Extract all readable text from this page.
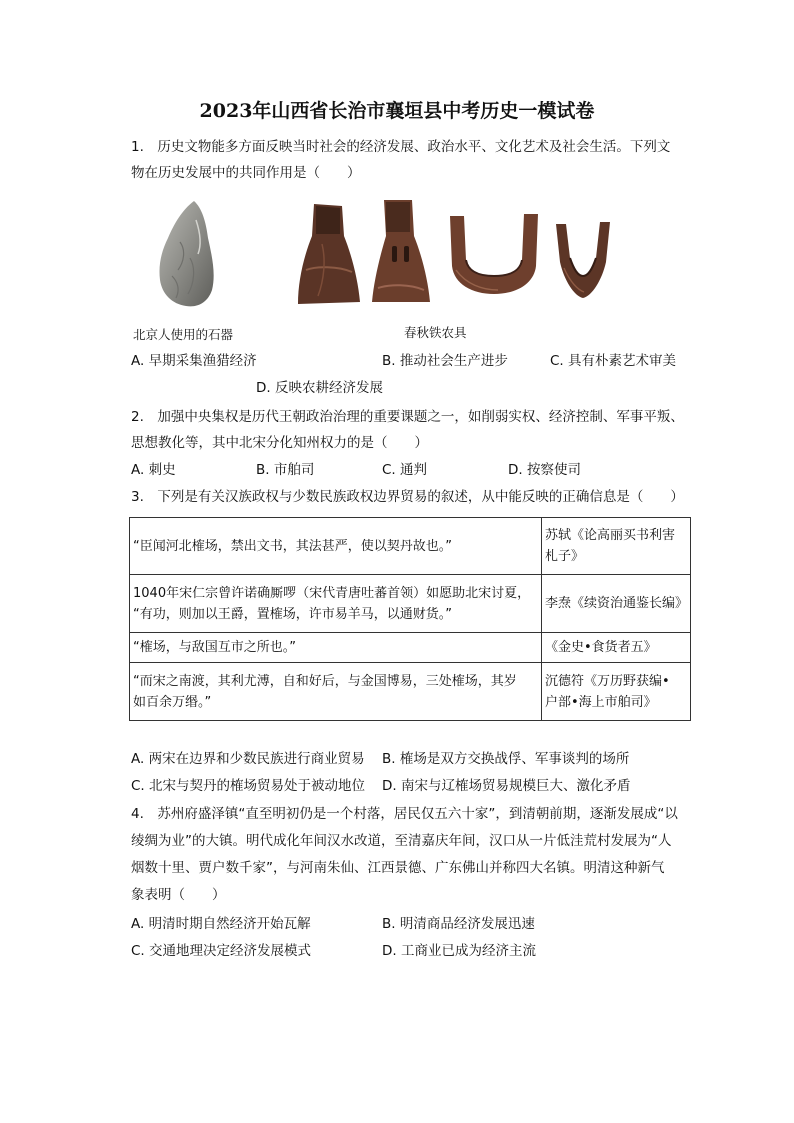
2023年山西省长治市襄垣县中考历史一模试卷
1.　历史文物能多方面反映当时社会的经济发展、政治水平、文化艺术及社会生活。下列文
物在历史发展中的共同作用是（　　）
北京人使用的石器	春秋铁农具
A. 早期采集渔猎经济	B. 推动社会生产进步	C. 具有朴素艺术审美
D. 反映农耕经济发展
2.　加强中央集权是历代王朝政治治理的重要课题之一，如削弱实权、经济控制、军事平叛、
思想教化等，其中北宋分化知州权力的是（　　）
A. 刺史	B. 市舶司	C. 通判	D. 按察使司
3.　下列是有关汉族政权与少数民族政权边界贸易的叙述，从中能反映的正确信息是（　　）
“臣闻河北榷场，禁出文书，其法甚严，使以契丹故也。”	苏轼《论高丽买书利害
札子》

1040年宋仁宗曾许诺确厮啰（宋代青唐吐蕃首领）如愿助北宋讨夏，
“有功，则加以王爵，置榷场，许市易羊马，以通财货。”	李焘《续资治通鉴长编》

“榷场，与敌国互市之所也。”	《金史•食货者五》

“而宋之南渡，其利尤溥，自和好后，与金国博易，三处榷场，其岁
如百余万缗。”	沉德符《万历野获编•
户部•海上市舶司》
A. 两宋在边界和少数民族进行商业贸易 B. 榷场是双方交换战俘、军事谈判的场所
C. 北宋与契丹的榷场贸易处于被动地位 D. 南宋与辽榷场贸易规模巨大、激化矛盾
4.　苏州府盛泽镇“直至明初仍是一个村落，居民仅五六十家”，到清朝前期，逐渐发展成“以
绫绸为业”的大镇。明代成化年间汉水改道，至清嘉庆年间，汉口从一片低洼荒村发展为“人
烟数十里、贾户数千家”，与河南朱仙、江西景德、广东佛山并称四大名镇。明清这种新气
象表明（　　）
A. 明清时期自然经济开始瓦解	B. 明清商品经济发展迅速
C. 交通地理决定经济发展模式	D. 工商业已成为经济主流
